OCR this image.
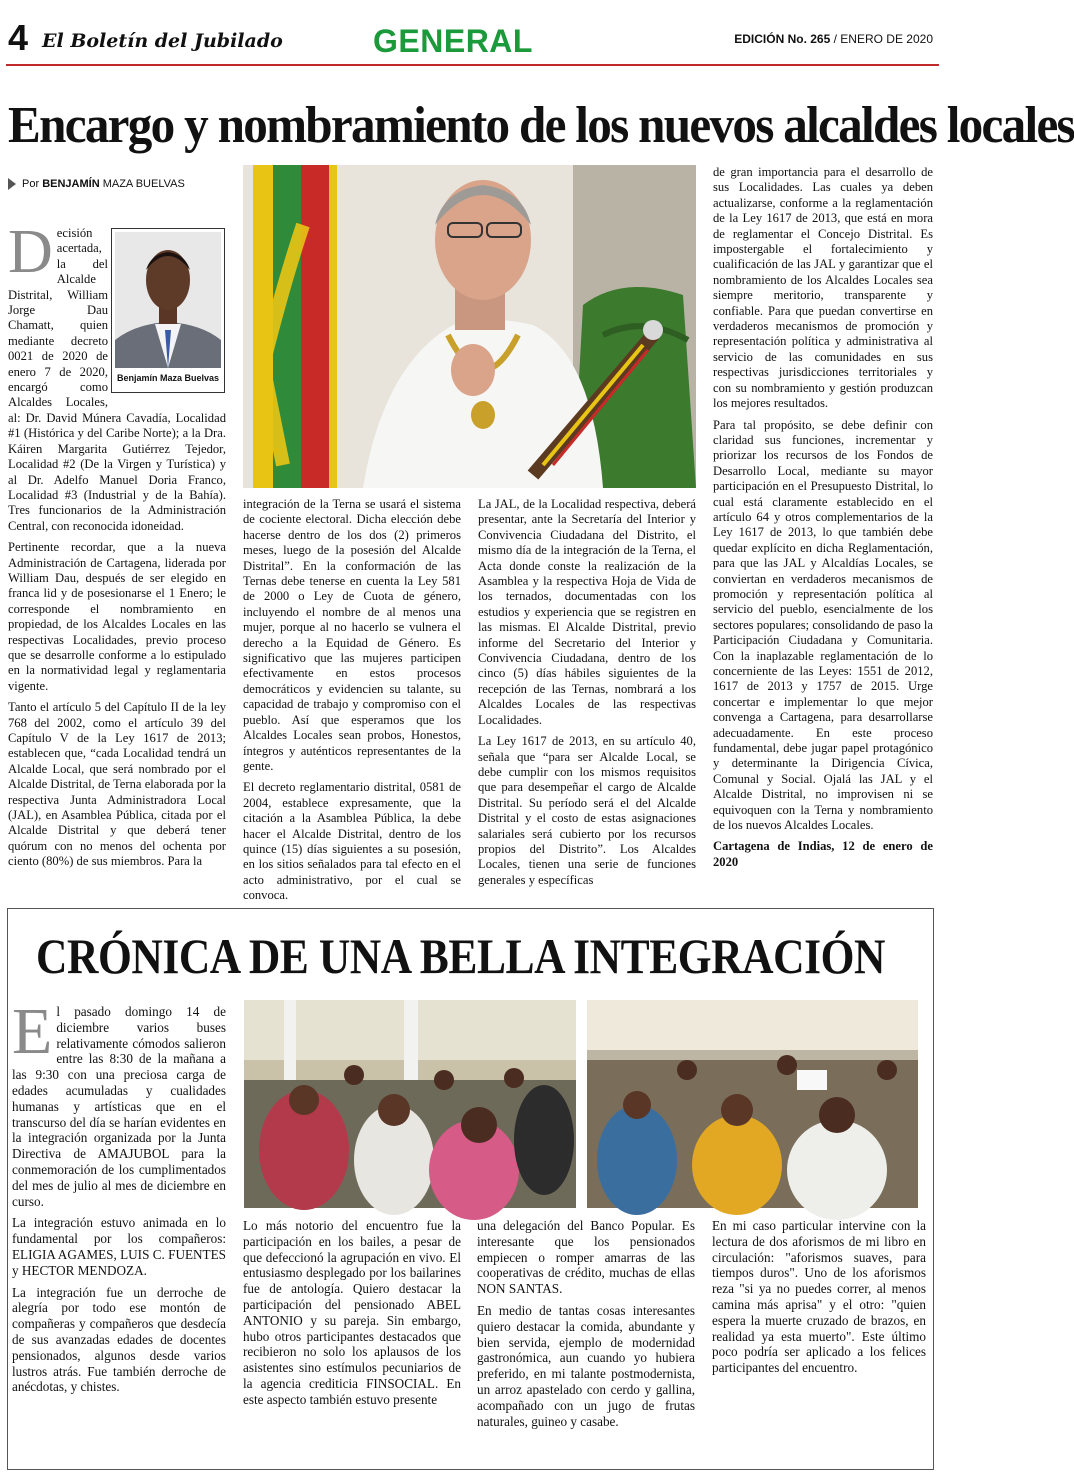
4 El Boletín del Jubilado	GENERAL	EDICIÓN No. 265 / ENERO DE 2020
Encargo y nombramiento de los nuevos alcaldes locales
Por BENJAMÍN MAZA BUELVAS
Benjamín Maza Buelvas
D ecisión acertada, la del Alcalde Distrital, William Jorge Dau Chamatt, quien mediante decreto 0021 de 2020 de enero 7 de 2020, encargó como Alcaldes Locales, al: Dr. David Múnera Cavadía, Localidad #1 (Histórica y del Caribe Norte); a la Dra. Káiren Margarita Gutiérrez Tejedor, Localidad #2 (De la Virgen y Turística) y al Dr. Adelfo Manuel Doria Franco, Localidad #3 (Industrial y de la Bahía). Tres funcionarios de la Administración Central, con reconocida idoneidad.

Pertinente recordar, que a la nueva Administración de Cartagena, liderada por William Dau, después de ser elegido en franca lid y de posesionarse el 1 Enero; le corresponde el nombramiento en propiedad, de los Alcaldes Locales en las respectivas Localidades, previo proceso que se desarrolle conforme a lo estipulado en la normatividad legal y reglamentaria vigente.

Tanto el artículo 5 del Capítulo II de la ley 768 del 2002, como el artículo 39 del Capítulo V de la Ley 1617 de 2013; establecen que, “cada Localidad tendrá un Alcalde Local, que será nombrado por el Alcalde Distrital, de Terna elaborada por la respectiva Junta Administradora Local (JAL), en Asamblea Pública, citada por el Alcalde Distrital y que deberá tener quórum con no menos del ochenta por ciento (80%) de sus miembros. Para la

integración de la Terna se usará el sistema de cociente electoral. Dicha elección debe hacerse dentro de los dos (2) primeros meses, luego de la posesión del Alcalde Distrital”. En la conformación de las Ternas debe tenerse en cuenta la Ley 581 de 2000 o Ley de Cuota de género, incluyendo el nombre de al menos una mujer, porque al no hacerlo se vulnera el derecho a la Equidad de Género. Es significativo que las mujeres participen efectivamente en estos procesos democráticos y evidencien su talante, su capacidad de trabajo y compromiso con el pueblo. Así que esperamos que los Alcaldes Locales sean probos, Honestos, íntegros y auténticos representantes de la gente.

El decreto reglamentario distrital, 0581 de 2004, establece expresamente, que la citación a la Asamblea Pública, la debe hacer el Alcalde Distrital, dentro de los quince (15) días siguientes a su posesión, en los sitios señalados para tal efecto en el acto administrativo, por el cual se convoca.

La JAL, de la Localidad respectiva, deberá presentar, ante la Secretaría del Interior y Convivencia Ciudadana del Distrito, el mismo día de la integración de la Terna, el Acta donde conste la realización de la Asamblea y la respectiva Hoja de Vida de los ternados, documentadas con los estudios y experiencia que se registren en las mismas. El Alcalde Distrital, previo informe del Secretario del Interior y Convivencia Ciudadana, dentro de los cinco (5) días hábiles siguientes de la recepción de las Ternas, nombrará a los Alcaldes Locales de las respectivas Localidades.

La Ley 1617 de 2013, en su artículo 40, señala que “para ser Alcalde Local, se debe cumplir con los mismos requisitos que para desempeñar el cargo de Alcalde Distrital. Su período será el del Alcalde Distrital y el costo de estas asignaciones salariales será cubierto por los recursos propios del Distrito”. Los Alcaldes Locales, tienen una serie de funciones generales y específicas

de gran importancia para el desarrollo de sus Localidades. Las cuales ya deben actualizarse, conforme a la reglamentación de la Ley 1617 de 2013, que está en mora de reglamentar el Concejo Distrital. Es impostergable el fortalecimiento y cualificación de las JAL y garantizar que el nombramiento de los Alcaldes Locales sea siempre meritorio, transparente y confiable. Para que puedan convertirse en verdaderos mecanismos de promoción y representación política y administrativa al servicio de las comunidades en sus respectivas jurisdicciones territoriales y con su nombramiento y gestión produzcan los mejores resultados.

Para tal propósito, se debe definir con claridad sus funciones, incrementar y priorizar los recursos de los Fondos de Desarrollo Local, mediante su mayor participación en el Presupuesto Distrital, lo cual está claramente establecido en el artículo 64 y otros complementarios de la Ley 1617 de 2013, lo que también debe quedar explícito en dicha Reglamentación, para que las JAL y Alcaldías Locales, se conviertan en verdaderos mecanismos de promoción y representación política al servicio del pueblo, esencialmente de los sectores populares; consolidando de paso la Participación Ciudadana y Comunitaria. Con la inaplazable reglamentación de lo concerniente de las Leyes: 1551 de 2012, 1617 de 2013 y 1757 de 2015. Urge concertar e implementar lo que mejor convenga a Cartagena, para desarrollarse adecuadamente. En este proceso fundamental, debe jugar papel protagónico y determinante la Dirigencia Cívica, Comunal y Social. Ojalá las JAL y el Alcalde Distrital, no improvisen ni se equivoquen con la Terna y nombramiento de los nuevos Alcaldes Locales.

Cartagena de Indias, 12 de enero de 2020

CRÓNICA DE UNA BELLA INTEGRACIÓN
E l pasado domingo 14 de diciembre varios buses relativamente cómodos salieron entre las 8:30 de la mañana a las 9:30 con una preciosa carga de edades acumuladas y cualidades humanas y artísticas que en el transcurso del día se harían evidentes en la integración organizada por la Junta Directiva de AMAJUBOL para la conmemoración de los cumplimentados del mes de julio al mes de diciembre en curso.

La integración estuvo animada en lo fundamental por los compañeros: ELIGIA AGAMES, LUIS C. FUENTES y HECTOR MENDOZA.

La integración fue un derroche de alegría por todo ese montón de compañeras y compañeros que desdecía de sus avanzadas edades de docentes pensionados, algunos desde varios lustros atrás. Fue también derroche de anécdotas, y chistes.

Lo más notorio del encuentro fue la participación en los bailes, a pesar de que defeccionó la agrupación en vivo. El entusiasmo desplegado por los bailarines fue de antología. Quiero destacar la participación del pensionado ABEL ANTONIO y su pareja. Sin embargo, hubo otros participantes destacados que recibieron no solo los aplausos de los asistentes sino estímulos pecuniarios de la agencia crediticia FINSOCIAL. En este aspecto también estuvo presente

una delegación del Banco Popular. Es interesante que los pensionados empiecen o romper amarras de las cooperativas de crédito, muchas de ellas NON SANTAS.

En medio de tantas cosas interesantes quiero destacar la comida, abundante y bien servida, ejemplo de modernidad gastronómica, aun cuando yo hubiera preferido, en mi talante postmodernista, un arroz apastelado con cerdo y gallina, acompañado con un jugo de frutas naturales, guineo y casabe.

En mi caso particular intervine con la lectura de dos aforismos de mi libro en circulación: "aforismos suaves, para tiempos duros". Uno de los aforismos reza "si ya no puedes correr, al menos camina más aprisa" y el otro: "quien espera la muerte cruzado de brazos, en realidad ya esta muerto". Este último poco podría ser aplicado a los felices participantes del encuentro.
